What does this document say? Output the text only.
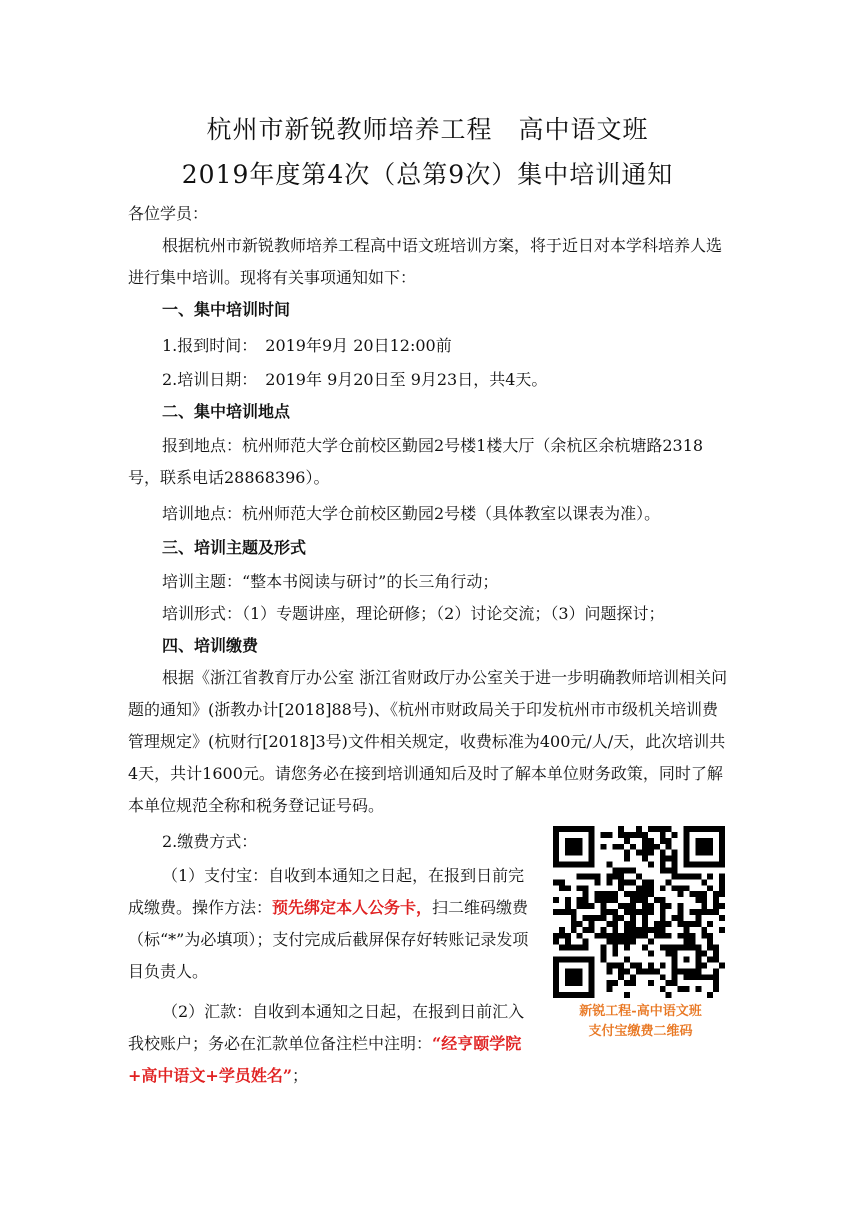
杭州市新锐教师培养工程　高中语文班
2019年度第4次（总第9次）集中培训通知

各位学员：

根据杭州市新锐教师培养工程高中语文班培训方案，将于近日对本学科培养人选进行集中培训。现将有关事项通知如下：

一、集中培训时间

1.报到时间：　2019年9月 20日12:00前

2.培训日期：　2019年 9月20日至 9月23日，共4天。

二、集中培训地点

报到地点：杭州师范大学仓前校区勤园2号楼1楼大厅（余杭区余杭塘路2318号，联系电话28868396）。

培训地点：杭州师范大学仓前校区勤园2号楼（具体教室以课表为准）。

三、培训主题及形式

培训主题：“整本书阅读与研讨”的长三角行动；

培训形式：（1）专题讲座，理论研修；（2）讨论交流；（3）问题探讨；

四、培训缴费

根据《浙江省教育厅办公室 浙江省财政厅办公室关于进一步明确教师培训相关问题的通知》(浙教办计[2018]88号)、《杭州市财政局关于印发杭州市市级机关培训费管理规定》(杭财行[2018]3号)文件相关规定，收费标准为400元/人/天，此次培训共4天，共计1600元。请您务必在接到培训通知后及时了解本单位财务政策，同时了解本单位规范全称和税务登记证号码。

2.缴费方式：

（1）支付宝：自收到本通知之日起，在报到日前完成缴费。操作方法：预先绑定本人公务卡，扫二维码缴费（标“*”为必填项）；支付完成后截屏保存好转账记录发项目负责人。

（2）汇款：自收到本通知之日起，在报到日前汇入我校账户；务必在汇款单位备注栏中注明：“经亨颐学院+高中语文+学员姓名”；

新锐工程-高中语文班
支付宝缴费二维码
